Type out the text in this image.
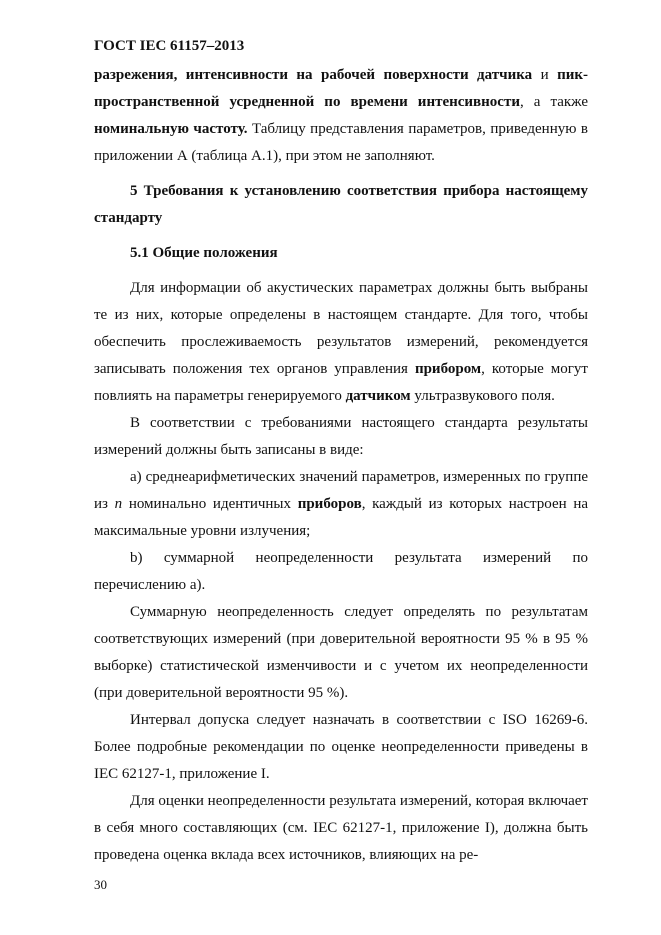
ГОСТ IEC 61157–2013

разрежения, интенсивности на рабочей поверхности датчика и пик-пространственной усредненной по времени интенсивности, а также номинальную частоту. Таблицу представления параметров, приведенную в приложении А (таблица А.1), при этом не заполняют.

5 Требования к установлению соответствия прибора настоящему стандарту
5.1 Общие положения

Для информации об акустических параметрах должны быть выбраны те из них, которые определены в настоящем стандарте. Для того, чтобы обеспечить прослеживаемость результатов измерений, рекомендуется записывать положения тех органов управления прибором, которые могут повлиять на параметры генерируемого датчиком ультразвукового поля.

В соответствии с требованиями настоящего стандарта результаты измерений должны быть записаны в виде:

а) среднеарифметических значений параметров, измеренных по группе из n номинально идентичных приборов, каждый из которых настроен на максимальные уровни излучения;

b) суммарной неопределенности результата измерений по перечислению а).

Суммарную неопределенность следует определять по результатам соответствующих измерений (при доверительной вероятности 95 % в 95 % выборке) статистической изменчивости и с учетом их неопределенности (при доверительной вероятности 95 %).

Интервал допуска следует назначать в соответствии с ISO 16269-6. Более подробные рекомендации по оценке неопределенности приведены в IEC 62127-1, приложение I.

Для оценки неопределенности результата измерений, которая включает в себя много составляющих (см. IEC 62127-1, приложение I), должна быть проведена оценка вклада всех источников, влияющих на ре-

30
